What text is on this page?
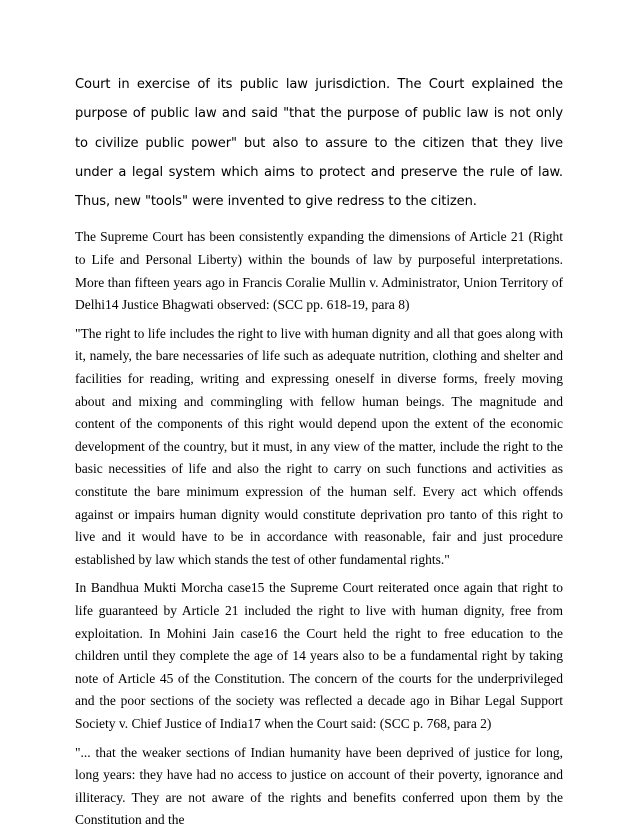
Court in exercise of its public law jurisdiction. The Court explained the purpose of public law and said "that the purpose of public law is not only to civilize public power" but also to assure to the citizen that they live under a legal system which aims to protect and preserve the rule of law. Thus, new "tools" were invented to give redress to the citizen.

The Supreme Court has been consistently expanding the dimensions of Article 21 (Right to Life and Personal Liberty) within the bounds of law by purposeful interpretations. More than fifteen years ago in Francis Coralie Mullin v. Administrator, Union Territory of Delhi14 Justice Bhagwati observed: (SCC pp. 618-19, para 8)

"The right to life includes the right to live with human dignity and all that goes along with it, namely, the bare necessaries of life such as adequate nutrition, clothing and shelter and facilities for reading, writing and expressing oneself in diverse forms, freely moving about and mixing and commingling with fellow human beings. The magnitude and content of the components of this right would depend upon the extent of the economic development of the country, but it must, in any view of the matter, include the right to the basic necessities of life and also the right to carry on such functions and activities as constitute the bare minimum expression of the human self. Every act which offends against or impairs human dignity would constitute deprivation pro tanto of this right to live and it would have to be in accordance with reasonable, fair and just procedure established by law which stands the test of other fundamental rights."

In Bandhua Mukti Morcha case15 the Supreme Court reiterated once again that right to life guaranteed by Article 21 included the right to live with human dignity, free from exploitation. In Mohini Jain case16 the Court held the right to free education to the children until they complete the age of 14 years also to be a fundamental right by taking note of Article 45 of the Constitution. The concern of the courts for the underprivileged and the poor sections of the society was reflected a decade ago in Bihar Legal Support Society v. Chief Justice of India17 when the Court said: (SCC p. 768, para 2)

"... that the weaker sections of Indian humanity have been deprived of justice for long, long years: they have had no access to justice on account of their poverty, ignorance and illiteracy. They are not aware of the rights and benefits conferred upon them by the Constitution and the
